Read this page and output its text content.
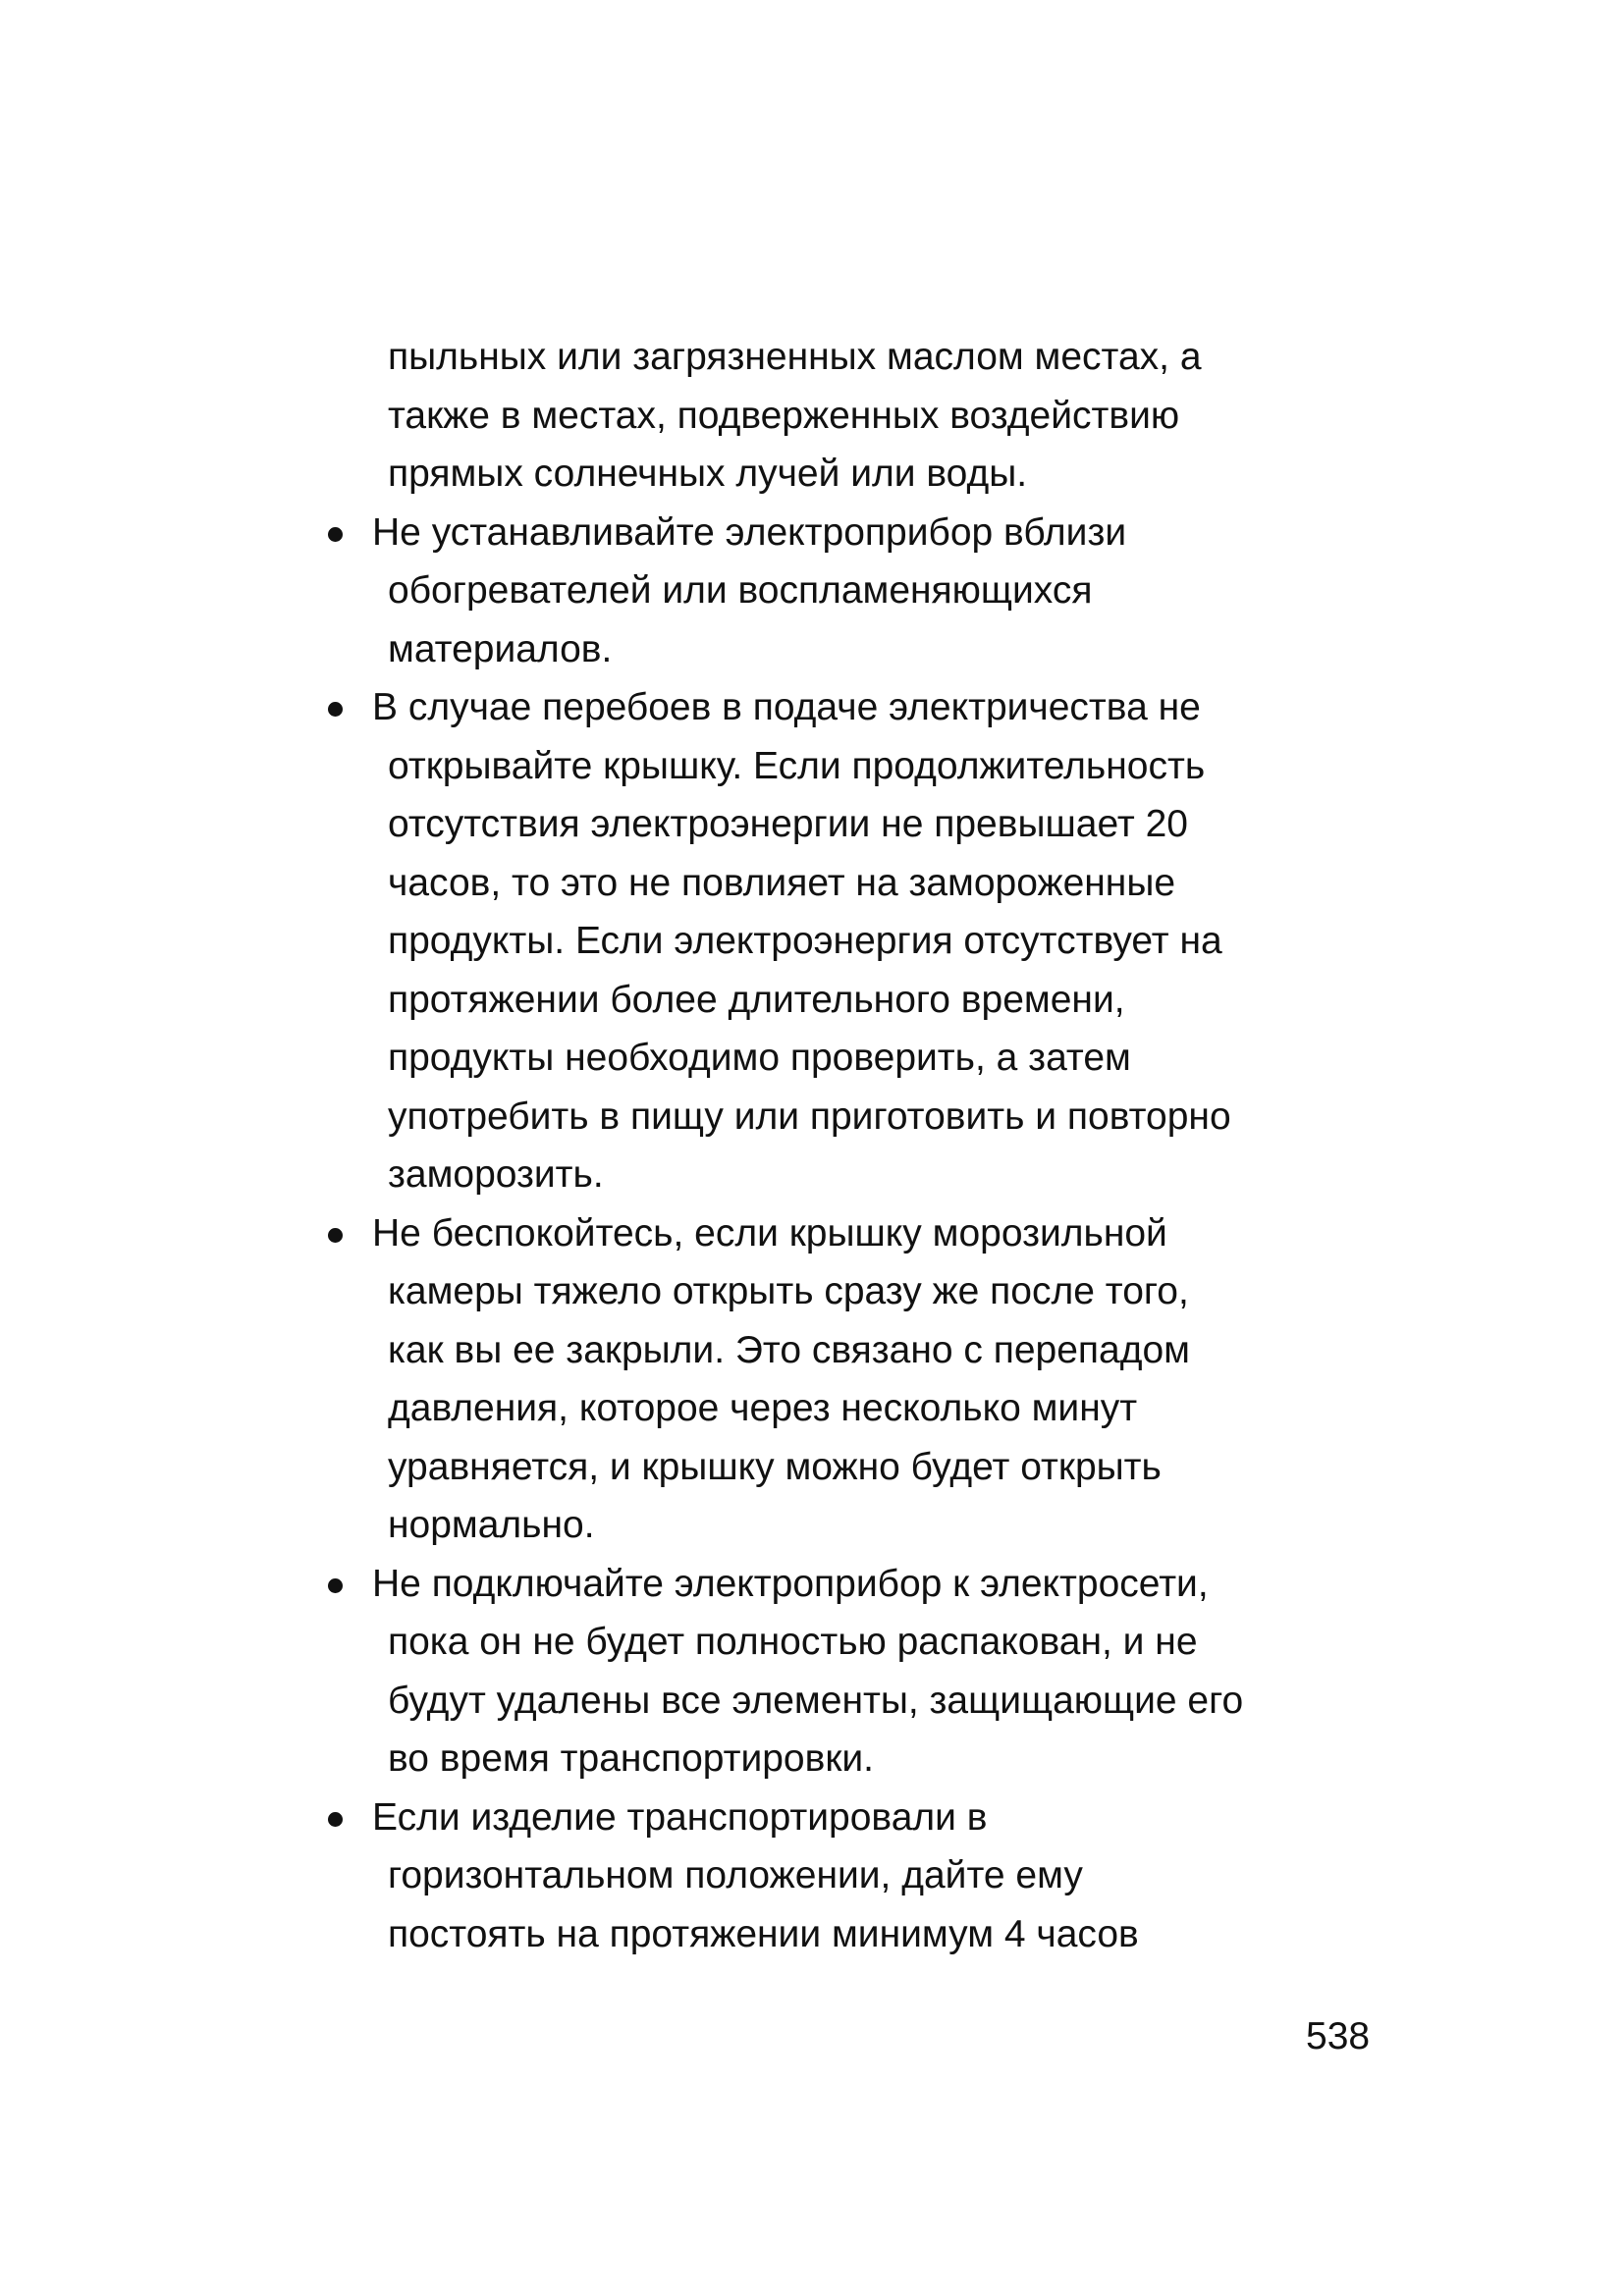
пыльных или загрязненных маслом местах, а
также в местах, подверженных воздействию
прямых солнечных лучей или воды.
Не устанавливайте электроприбор вблизи
обогревателей или воспламеняющихся
материалов.
В случае перебоев в подаче электричества не
открывайте крышку. Если продолжительность
отсутствия электроэнергии не превышает 20
часов, то это не повлияет на замороженные
продукты. Если электроэнергия отсутствует на
протяжении более длительного времени,
продукты необходимо проверить, а затем
употребить в пищу или приготовить и повторно
заморозить.
Не беспокойтесь, если крышку морозильной
камеры тяжело открыть сразу же после того,
как вы ее закрыли. Это связано с перепадом
давления, которое через несколько минут
уравняется, и крышку можно будет открыть
нормально.
Не подключайте электроприбор к электросети,
пока он не будет полностью распакован, и не
будут удалены все элементы, защищающие его
во время транспортировки.
Если изделие транспортировали в
горизонтальном положении, дайте ему
постоять на протяжении минимум 4 часов
538
